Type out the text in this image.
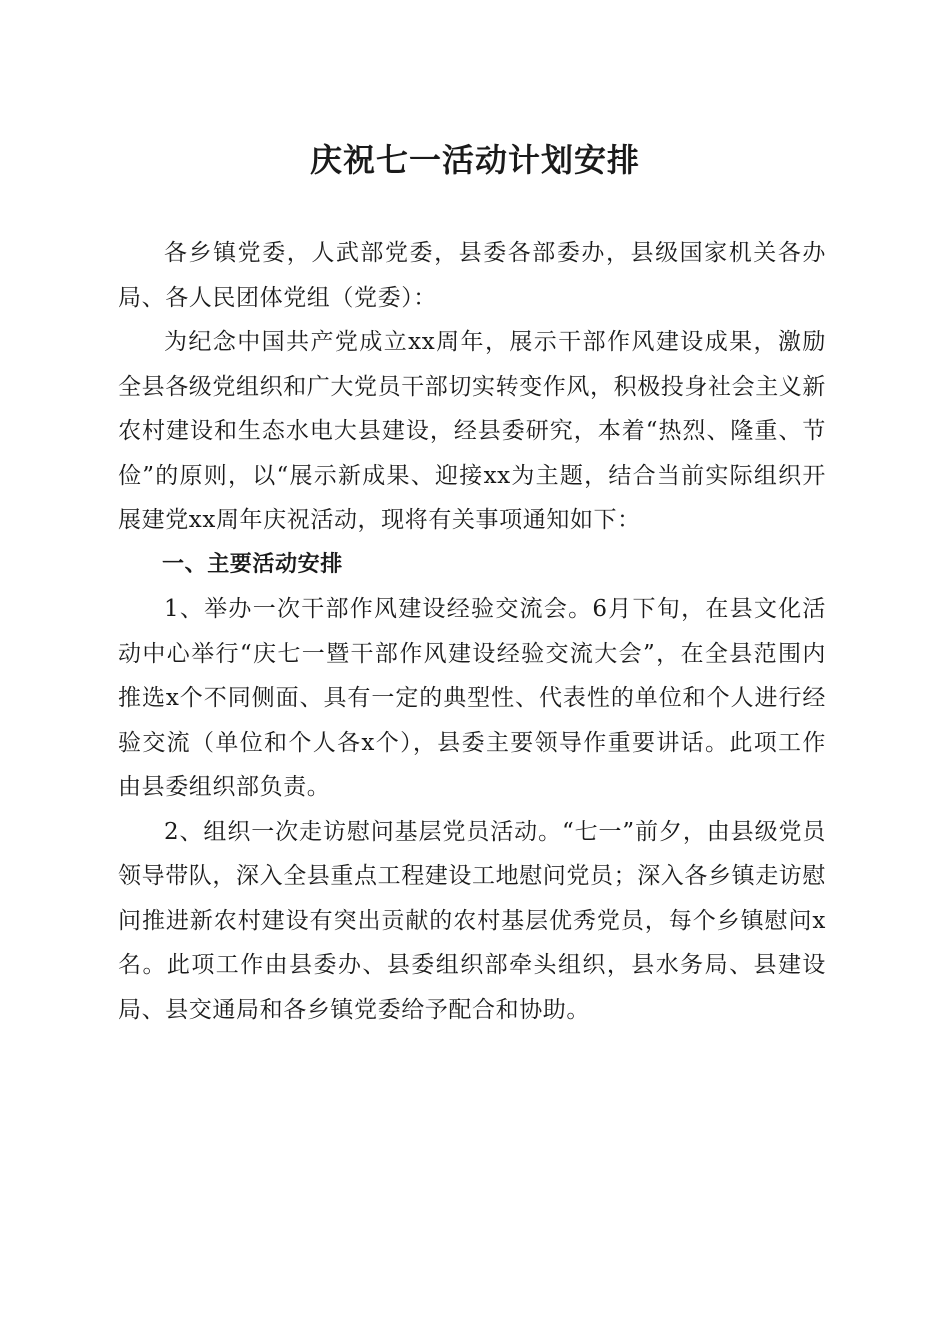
庆祝七一活动计划安排

各乡镇党委，人武部党委，县委各部委办，县级国家机关各办局、各人民团体党组（党委）：

为纪念中国共产党成立xx周年，展示干部作风建设成果，激励全县各级党组织和广大党员干部切实转变作风，积极投身社会主义新农村建设和生态水电大县建设，经县委研究，本着“热烈、隆重、节俭”的原则，以“展示新成果、迎接xx为主题，结合当前实际组织开展建党xx周年庆祝活动，现将有关事项通知如下：

一、主要活动安排

1、举办一次干部作风建设经验交流会。6月下旬，在县文化活动中心举行“庆七一暨干部作风建设经验交流大会”，在全县范围内推选x个不同侧面、具有一定的典型性、代表性的单位和个人进行经验交流（单位和个人各x个），县委主要领导作重要讲话。此项工作由县委组织部负责。

2、组织一次走访慰问基层党员活动。“七一”前夕，由县级党员领导带队，深入全县重点工程建设工地慰问党员；深入各乡镇走访慰问推进新农村建设有突出贡献的农村基层优秀党员，每个乡镇慰问x名。此项工作由县委办、县委组织部牵头组织，县水务局、县建设局、县交通局和各乡镇党委给予配合和协助。
